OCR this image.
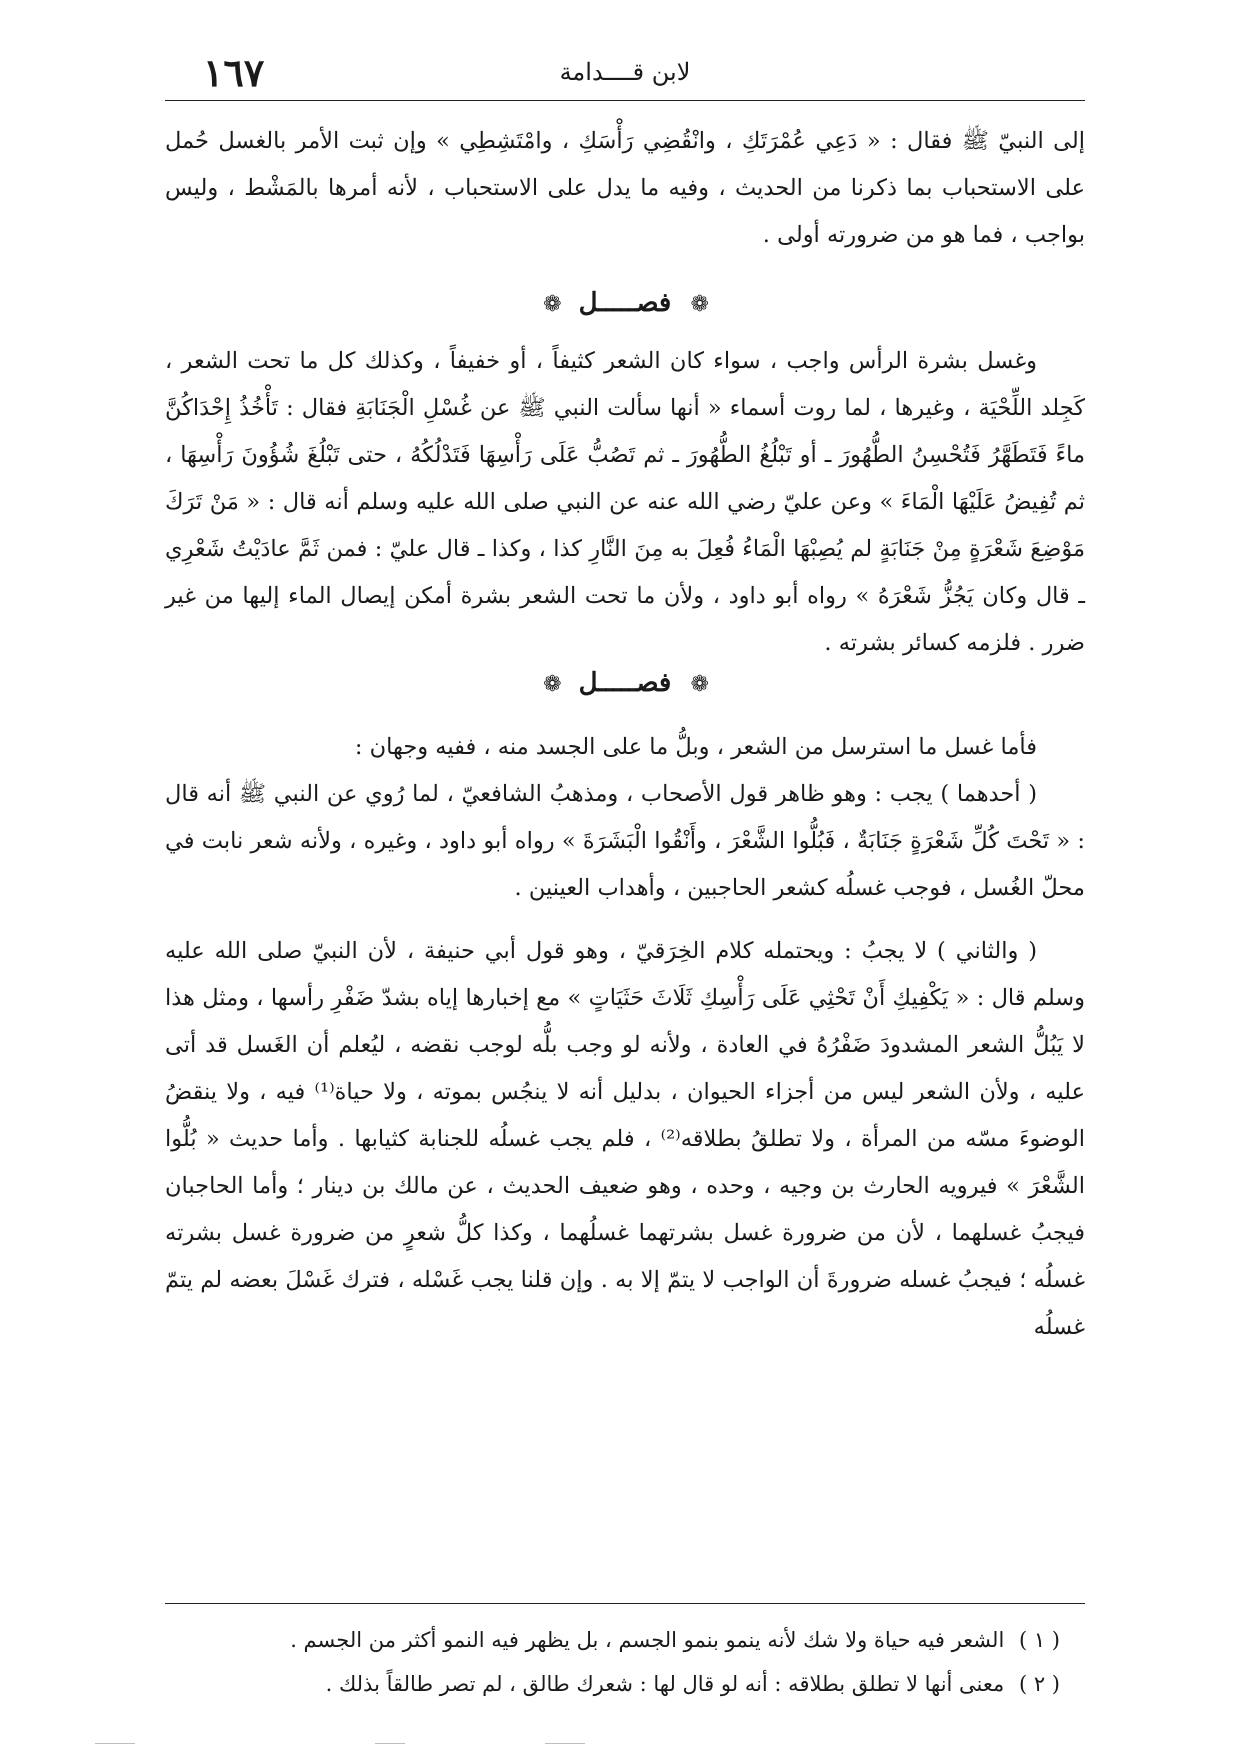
١٦٧	لابن قــــدامة

إلى النبيّ ﷺ فقال : « دَعِي عُمْرَتَكِ ، وانْقُضِي رَأْسَكِ ، وامْتَشِطِي » وإن ثبت الأمر بالغسل حُمل على الاستحباب بما ذكرنا من الحديث ، وفيه ما يدل على الاستحباب ، لأنه أمرها بالمَشْط ، وليس بواجب ، فما هو من ضرورته أولى .

❁ فصـــــل ❁

وغسل بشرة الرأس واجب ، سواء كان الشعر كثيفاً ، أو خفيفاً ، وكذلك كل ما تحت الشعر ، كَجِلد اللِّحْيَة ، وغيرها ، لما روت أسماء « أنها سألت النبي ﷺ عن غُسْلِ الْجَنَابَةِ فقال : تَأْخُذُ إِحْدَاكُنَّ ماءً فَتَطَهَّرُ فَتُحْسِنُ الطُّهُورَ ـ أو تَبْلُغُ الطُّهُورَ ـ ثم تَصُبُّ عَلَى رَأْسِهَا فَتَدْلُكُهُ ، حتى تَبْلُغَ شُؤُونَ رَأْسِهَا ، ثم تُفِيضُ عَلَيْهَا الْمَاءَ » وعن عليّ رضي الله عنه عن النبي صلى الله عليه وسلم أنه قال : « مَنْ تَرَكَ مَوْضِعَ شَعْرَةٍ مِنْ جَنَابَةٍ لم يُصِبْهَا الْمَاءُ فُعِلَ به مِنَ النَّارِ كذا ، وكذا ـ قال عليّ : فمن ثَمَّ عادَيْتُ شَعْرِي ـ قال وكان يَجُزُّ شَعْرَهُ » رواه أبو داود ، ولأن ما تحت الشعر بشرة أمكن إيصال الماء إليها من غير ضرر . فلزمه كسائر بشرته .

❁ فصـــــل ❁

فأما غسل ما استرسل من الشعر ، وبلُّ ما على الجسد منه ، ففيه وجهان :

( أحدهما ) يجب : وهو ظاهر قول الأصحاب ، ومذهبُ الشافعيّ ، لما رُوي عن النبي ﷺ أنه قال : « تَحْتَ كُلِّ شَعْرَةٍ جَنَابَةٌ ، فَبُلُّوا الشَّعْرَ ، وأَنْقُوا الْبَشَرَةَ » رواه أبو داود ، وغيره ، ولأنه شعر نابت في محلّ الغُسل ، فوجب غسلُه كشعر الحاجبين ، وأهداب العينين .

( والثاني ) لا يجبُ : ويحتمله كلام الخِرَقيّ ، وهو قول أبي حنيفة ، لأن النبيّ صلى الله عليه وسلم قال : « يَكْفِيكِ أَنْ تَحْثِي عَلَى رَأْسِكِ ثَلَاثَ حَثَيَاتٍ » مع إخبارها إياه بشدّ ضَفْرِ رأسها ، ومثل هذا لا يَبُلُّ الشعر المشدودَ ضَفْرُهُ في العادة ، ولأنه لو وجب بلُّه لوجب نقضه ، ليُعلم أن الغَسل قد أتى عليه ، ولأن الشعر ليس من أجزاء الحيوان ، بدليل أنه لا ينجُس بموته ، ولا حياة⁽¹⁾ فيه ، ولا ينقضُ الوضوءَ مسّه من المرأة ، ولا تطلقُ بطلاقه⁽²⁾ ، فلم يجب غسلُه للجنابة كثيابها . وأما حديث « بُلُّوا الشَّعْرَ » فيرويه الحارث بن وجيه ، وحده ، وهو ضعيف الحديث ، عن مالك بن دينار ؛ وأما الحاجبان فيجبُ غسلهما ، لأن من ضرورة غسل بشرتهما غسلُهما ، وكذا كلُّ شعرٍ من ضرورة غسل بشرته غسلُه ؛ فيجبُ غسله ضرورةَ أن الواجب لا يتمّ إلا به . وإن قلنا يجب غَسْله ، فترك غَسْلَ بعضه لم يتمّ غسلُه

( ١ ) الشعر فيه حياة ولا شك لأنه ينمو بنمو الجسم ، بل يظهر فيه النمو أكثر من الجسم .

( ٢ ) معنى أنها لا تطلق بطلاقه : أنه لو قال لها : شعرك طالق ، لم تصر طالقاً بذلك .
